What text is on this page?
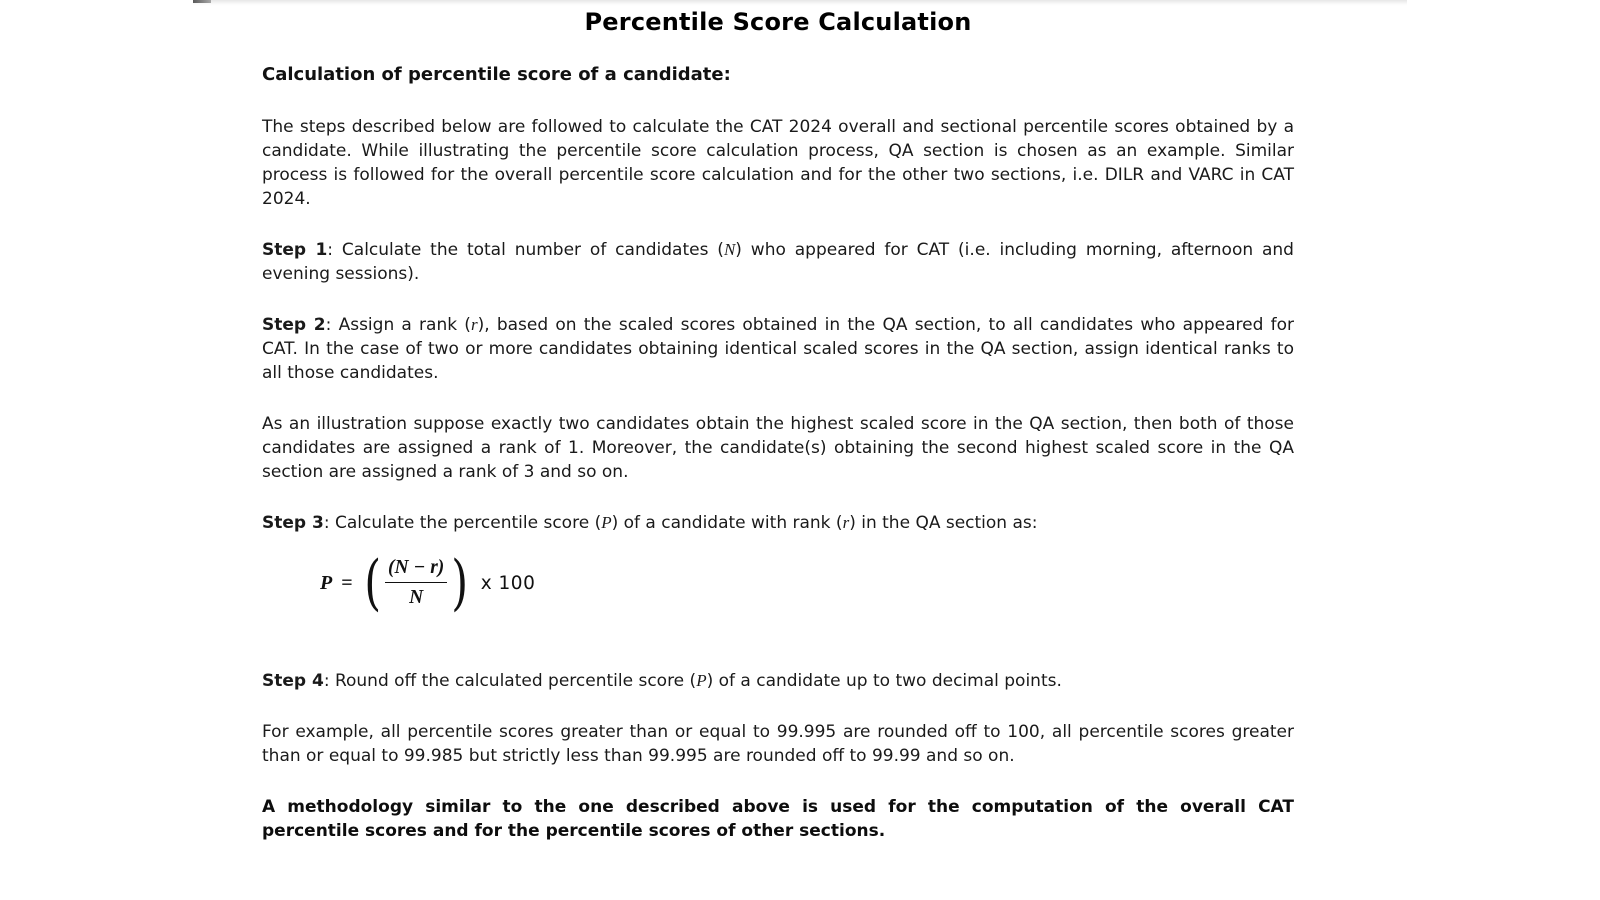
Percentile Score Calculation
Calculation of percentile score of a candidate:

The steps described below are followed to calculate the CAT 2024 overall and sectional percentile scores obtained by a candidate. While illustrating the percentile score calculation process, QA section is chosen as an example. Similar process is followed for the overall percentile score calculation and for the other two sections, i.e. DILR and VARC in CAT 2024.

Step 1: Calculate the total number of candidates (N) who appeared for CAT (i.e. including morning, afternoon and evening sessions).

Step 2: Assign a rank (r), based on the scaled scores obtained in the QA section, to all candidates who appeared for CAT. In the case of two or more candidates obtaining identical scaled scores in the QA section, assign identical ranks to all those candidates.

As an illustration suppose exactly two candidates obtain the highest scaled score in the QA section, then both of those candidates are assigned a rank of 1. Moreover, the candidate(s) obtaining the second highest scaled score in the QA section are assigned a rank of 3 and so on.

Step 3: Calculate the percentile score (P) of a candidate with rank (r) in the QA section as:

P = ( $\frac{(N - r)}{N}$ ) x 100

Step 4: Round off the calculated percentile score (P) of a candidate up to two decimal points.

For example, all percentile scores greater than or equal to 99.995 are rounded off to 100, all percentile scores greater than or equal to 99.985 but strictly less than 99.995 are rounded off to 99.99 and so on.

A methodology similar to the one described above is used for the computation of the overall CAT percentile scores and for the percentile scores of other sections.
